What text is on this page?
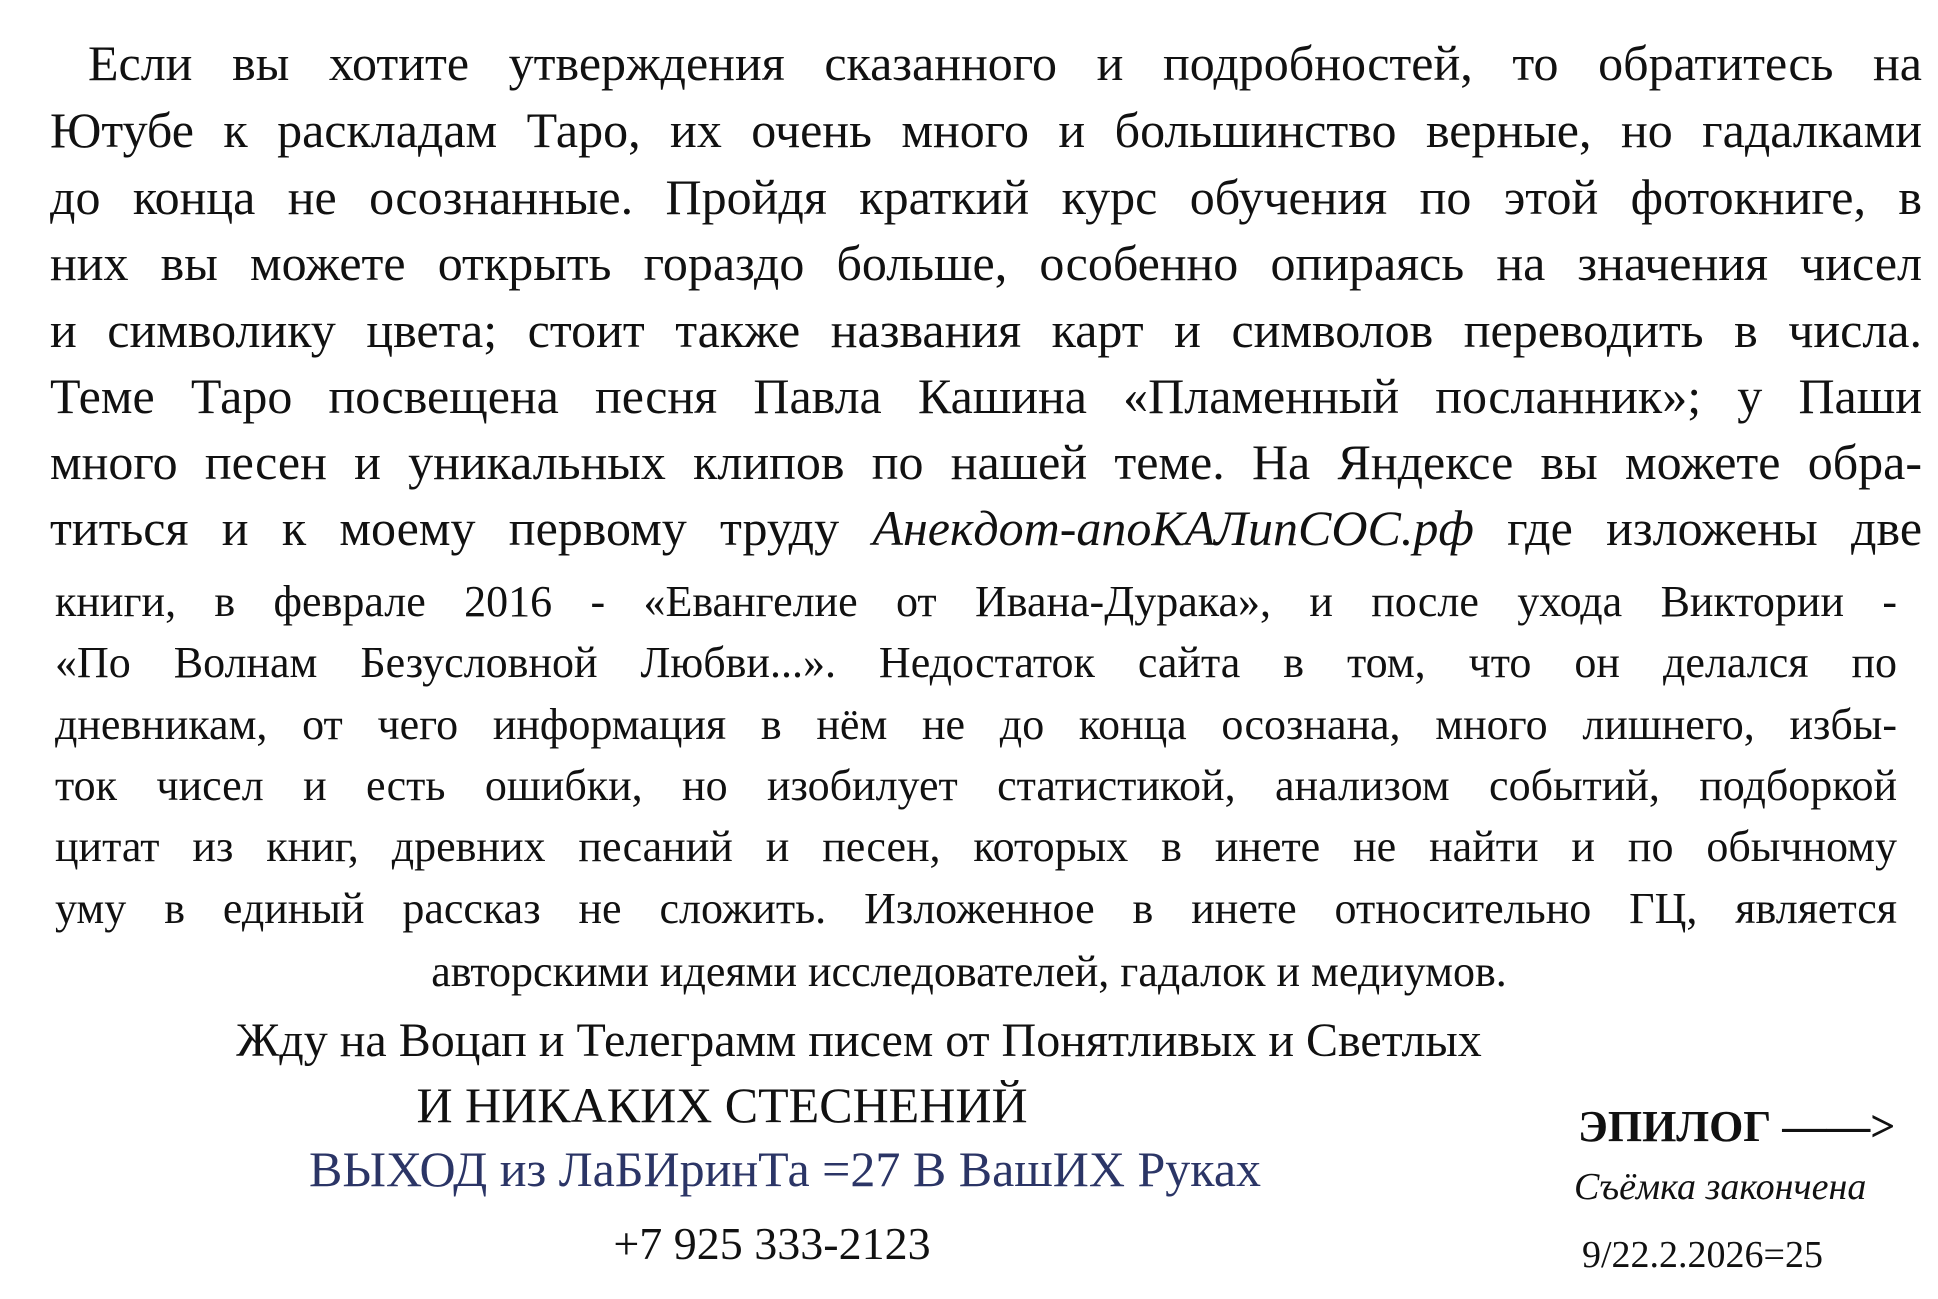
Если вы хотите утверждения сказанного и подробностей, то обратитесь на
Ютубе к раскладам Таро, их очень много и большинство верные, но гадалками
до конца не осознанные. Пройдя краткий курс обучения по этой фотокниге, в
них вы можете открыть гораздо больше, особенно опираясь на значения чисел
и символику цвета; стоит также названия карт и символов переводить в числа.
Теме Таро посвещена песня Павла Кашина «Пламенный посланник»; у Паши
много песен и уникальных клипов по нашей теме. На Яндексе вы можете обра-
титься и к моему первому труду Анекдот-апоКАЛипСОС.рф где изложены две
книги, в феврале 2016 - «Евангелие от Ивана-Дурака», и после ухода Виктории -
«По Волнам Безусловной Любви...». Недостаток сайта в том, что он делался по
дневникам, от чего информация в нём не до конца осознана, много лишнего, избы-
ток чисел и есть ошибки, но изобилует статистикой, анализом событий, подборкой
цитат из книг, древних песаний и песен, которых в инете не найти и по обычному
уму в единый рассказ не сложить. Изложенное в инете относительно ГЦ, является
авторскими идеями исследователей, гадалок и медиумов.
Жду на Воцап и Телеграмм писем от Понятливых и Светлых
И НИКАКИХ СТЕСНЕНИЙ
ВЫХОД из ЛаБИринТа =27 В ВашИХ Руках
+7 925 333-2123
ЭПИЛОГ ——>
Съёмка закончена
9/22.2.2026=25
